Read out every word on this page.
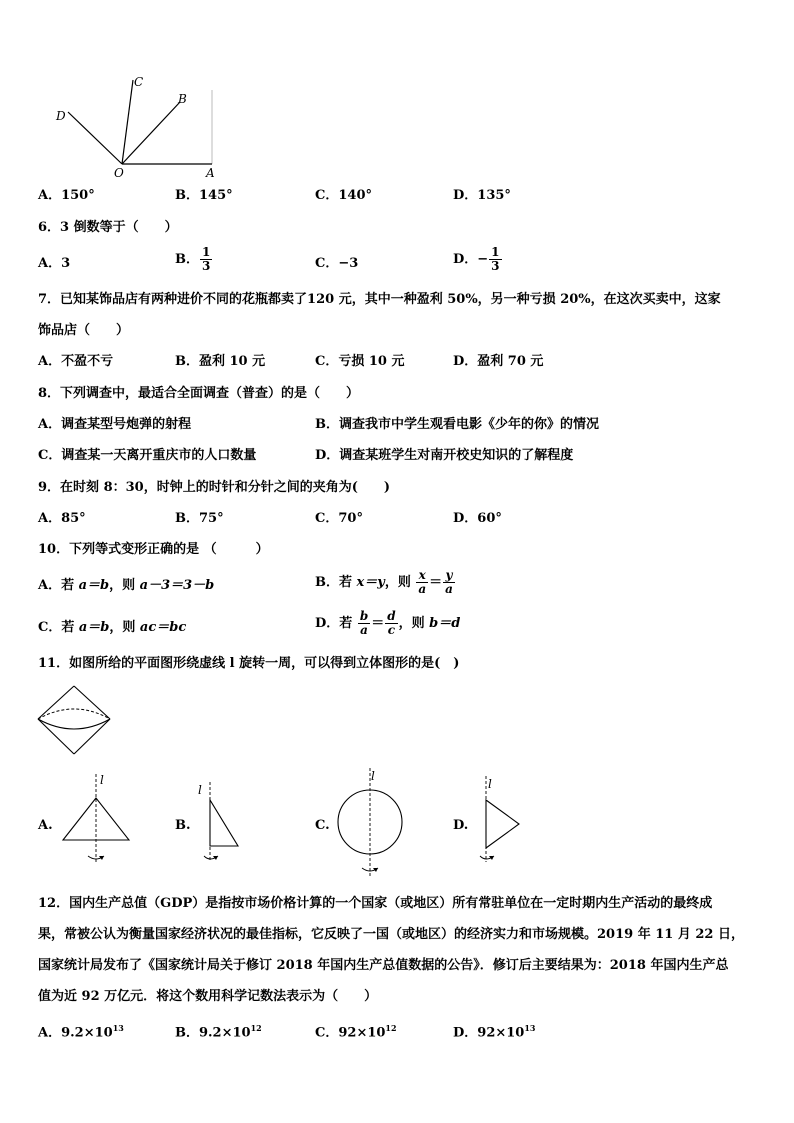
C
B
D
O	A
A．150°	B．145°	C．140°	D．135°
6．3 倒数等于（　　）
A．3	B． $\frac{1}{3}$	C．−3	D．− $\frac{1}{3}$
7．已知某饰品店有两种进价不同的花瓶都卖了120 元，其中一种盈利 50%，另一种亏损 20%，在这次买卖中，这家
饰品店（　　）
A．不盈不亏	B．盈利 10 元	C．亏损 10 元	D．盈利 70 元
8．下列调查中，最适合全面调查（普查）的是（　　）
A．调查某型号炮弹的射程	B．调查我市中学生观看电影《少年的你》的情况
C．调查某一天离开重庆市的人口数量	D．调查某班学生对南开校史知识的了解程度
9．在时刻 8：30，时钟上的时针和分针之间的夹角为(　　)
A．85°	B．75°	C．70°	D．60°
10．下列等式变形正确的是 （　　　）
A．若 a＝b，则 a－3＝3－b	B．若 x＝y，则 $\frac{x}{a} = \frac{y}{a}$
C．若 a＝b，则 ac＝bc	D．若 $\frac{b}{a} = \frac{d}{c}$ ，则 b＝d
11．如图所给的平面图形绕虚线 l 旋转一周，可以得到立体图形的是(　)
A.
l
B.
l
C.
l
D.
l
12．国内生产总值（GDP）是指按市场价格计算的一个国家（或地区）所有常驻单位在一定时期内生产活动的最终成
果，常被公认为衡量国家经济状况的最佳指标，它反映了一国（或地区）的经济实力和市场规模。2019 年 11 月 22 日，
国家统计局发布了《国家统计局关于修订 2018 年国内生产总值数据的公告》．修订后主要结果为：2018 年国内生产总
值为近 92 万亿元．将这个数用科学记数法表示为（　　）
A．$9.2\times 10^{13}$	B．$9.2\times 10^{12}$	C．$92\times 10^{12}$	D．$92\times 10^{13}$
